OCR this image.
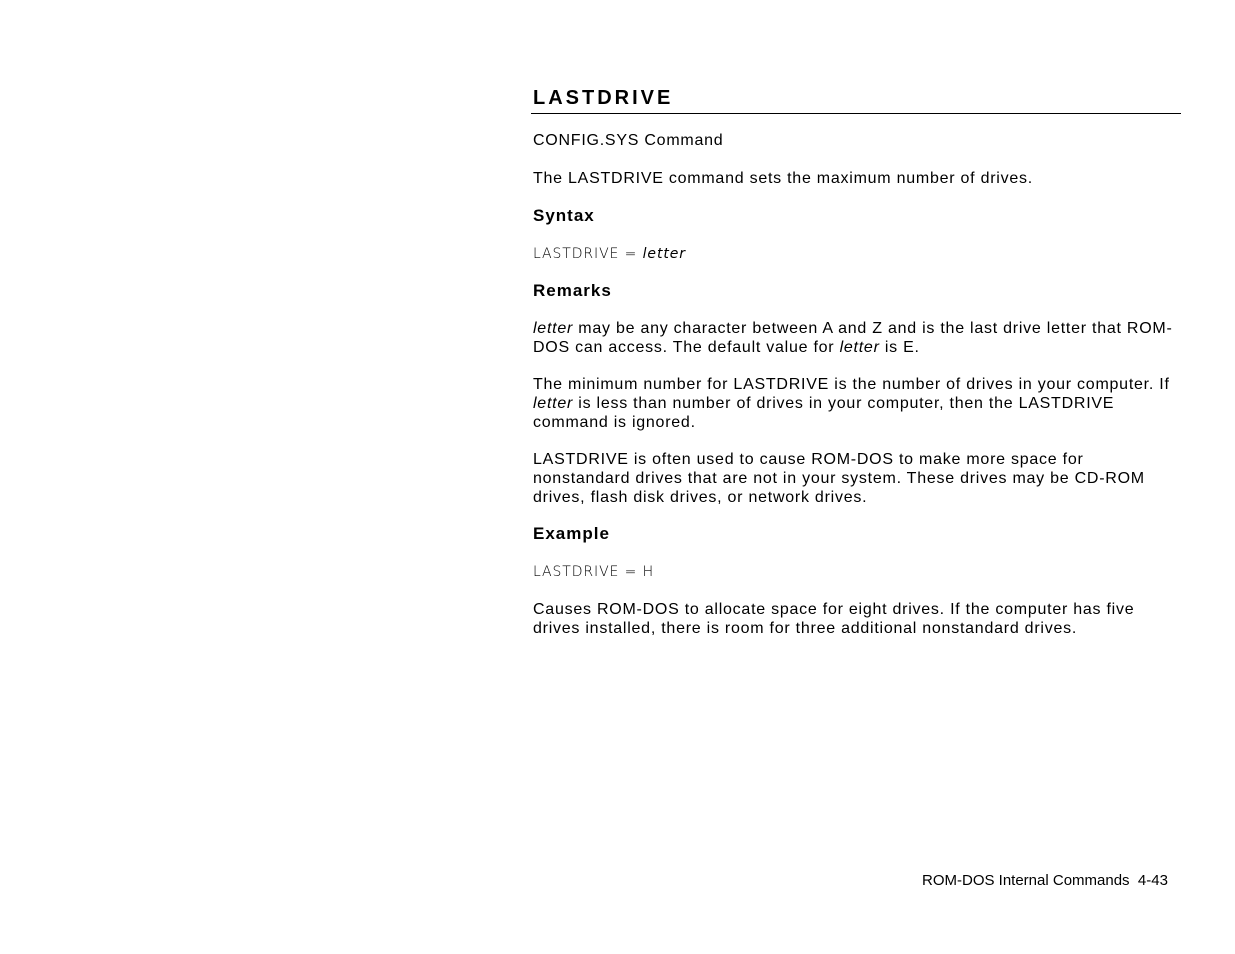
LASTDRIVE

CONFIG.SYS Command

The LASTDRIVE command sets the maximum number of drives.

Syntax

LASTDRIVE = letter

Remarks

letter may be any character between A and Z and is the last drive letter that ROM-DOS can access. The default value for letter is E.

The minimum number for LASTDRIVE is the number of drives in your computer. If letter is less than number of drives in your computer, then the LASTDRIVE command is ignored.

LASTDRIVE is often used to cause ROM-DOS to make more space for nonstandard drives that are not in your system. These drives may be CD-ROM drives, flash disk drives, or network drives.

Example

LASTDRIVE = H

Causes ROM-DOS to allocate space for eight drives. If the computer has five drives installed, there is room for three additional nonstandard drives.

ROM-DOS Internal Commands  4-43
